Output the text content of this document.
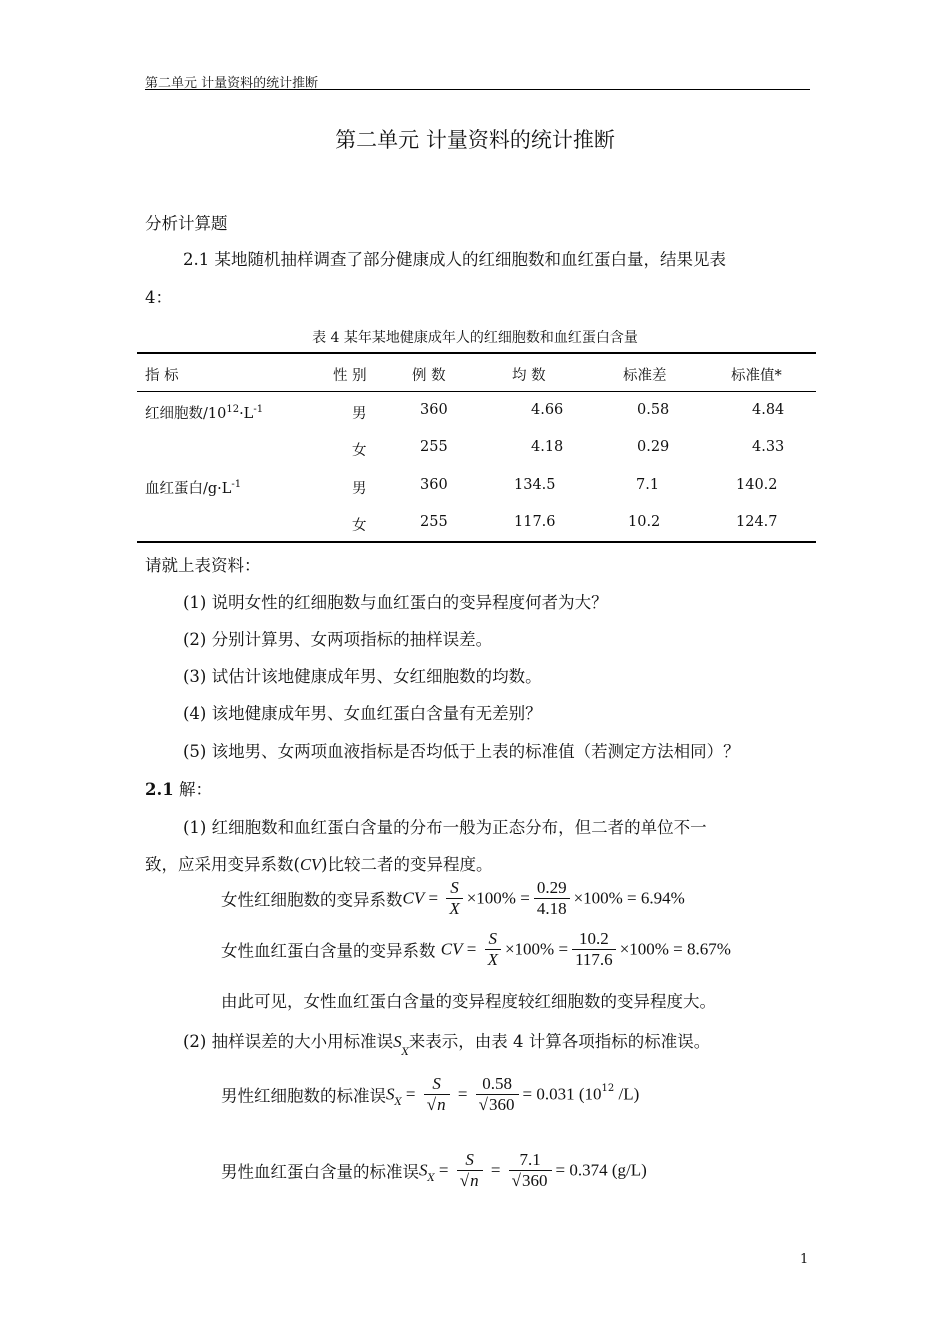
第二单元 计量资料的统计推断
第二单元 计量资料的统计推断
分析计算题
2.1 某地随机抽样调查了部分健康成人的红细胞数和血红蛋白量，结果见表
4：
表 4 某年某地健康成年人的红细胞数和血红蛋白含量
指 标	性 别	例 数	均 数	标准差	标准值*
红细胞数$/10^{12}\cdot L^{-1}$	男	360	4.66	0.58	4.84
女	255	4.18	0.29	4.33
血红蛋白$/g\cdot L^{-1}$	男	360	134.5	7.1	140.2
女	255	117.6	10.2	124.7
请就上表资料：
(1) 说明女性的红细胞数与血红蛋白的变异程度何者为大？
(2) 分别计算男、女两项指标的抽样误差。
(3) 试估计该地健康成年男、女红细胞数的均数。
(4) 该地健康成年男、女血红蛋白含量有无差别？
(5) 该地男、女两项血液指标是否均低于上表的标准值（若测定方法相同）？
2.1 解：
(1) 红细胞数和血红蛋白含量的分布一般为正态分布，但二者的单位不一
致，应采用变异系数(CV)比较二者的变异程度。
女性红细胞数的变异系数CV = $\frac{S}{X} \times 100\% = \frac{0.29}{4.18} \times 100\% = 6.94\%$
女性血红蛋白含量的变异系数 CV = $\frac{S}{X} \times 100\% = \frac{10.2}{117.6} \times 100\% = 8.67\%$
由此可见，女性血红蛋白含量的变异程度较红细胞数的变异程度大。
(2) 抽样误差的大小用标准误$S_X$来表示，由表 4 计算各项指标的标准误。
男性红细胞数的标准误$S_X = \frac{S}{√n} = \frac{0.58}{√360} = 0.031$ ($10^{12}$ /L)
男性血红蛋白含量的标准误$S_X = \frac{S}{√n} = \frac{7.1}{√360} = 0.374$ (g/L)
1
